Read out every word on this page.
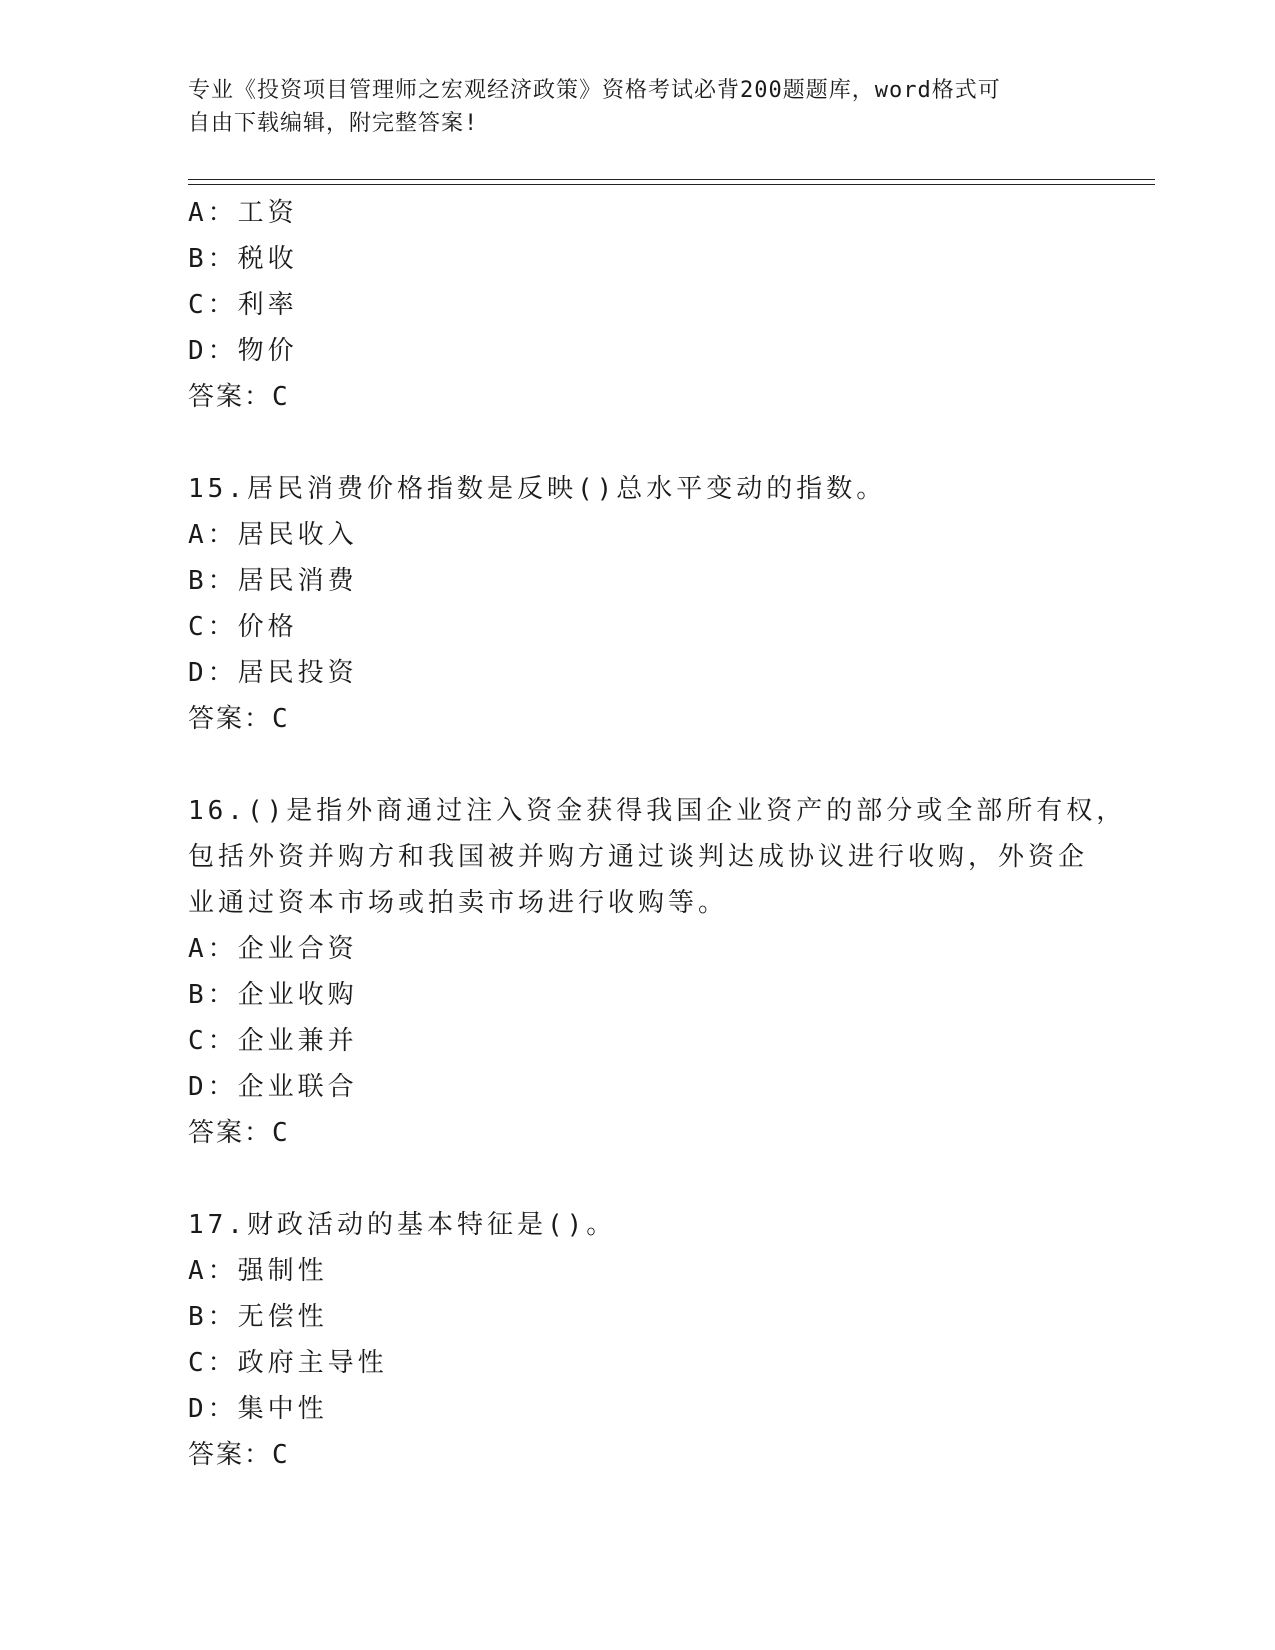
专业《投资项目管理师之宏观经济政策》资格考试必背200题题库，word格式可
自由下载编辑，附完整答案!
A：工资
B：税收
C：利率
D：物价
答案：C
15.居民消费价格指数是反映()总水平变动的指数。
A：居民收入
B：居民消费
C：价格
D：居民投资
答案：C
16.()是指外商通过注入资金获得我国企业资产的部分或全部所有权，
包括外资并购方和我国被并购方通过谈判达成协议进行收购，外资企
业通过资本市场或拍卖市场进行收购等。
A：企业合资
B：企业收购
C：企业兼并
D：企业联合
答案：C
17.财政活动的基本特征是()。
A：强制性
B：无偿性
C：政府主导性
D：集中性
答案：C
